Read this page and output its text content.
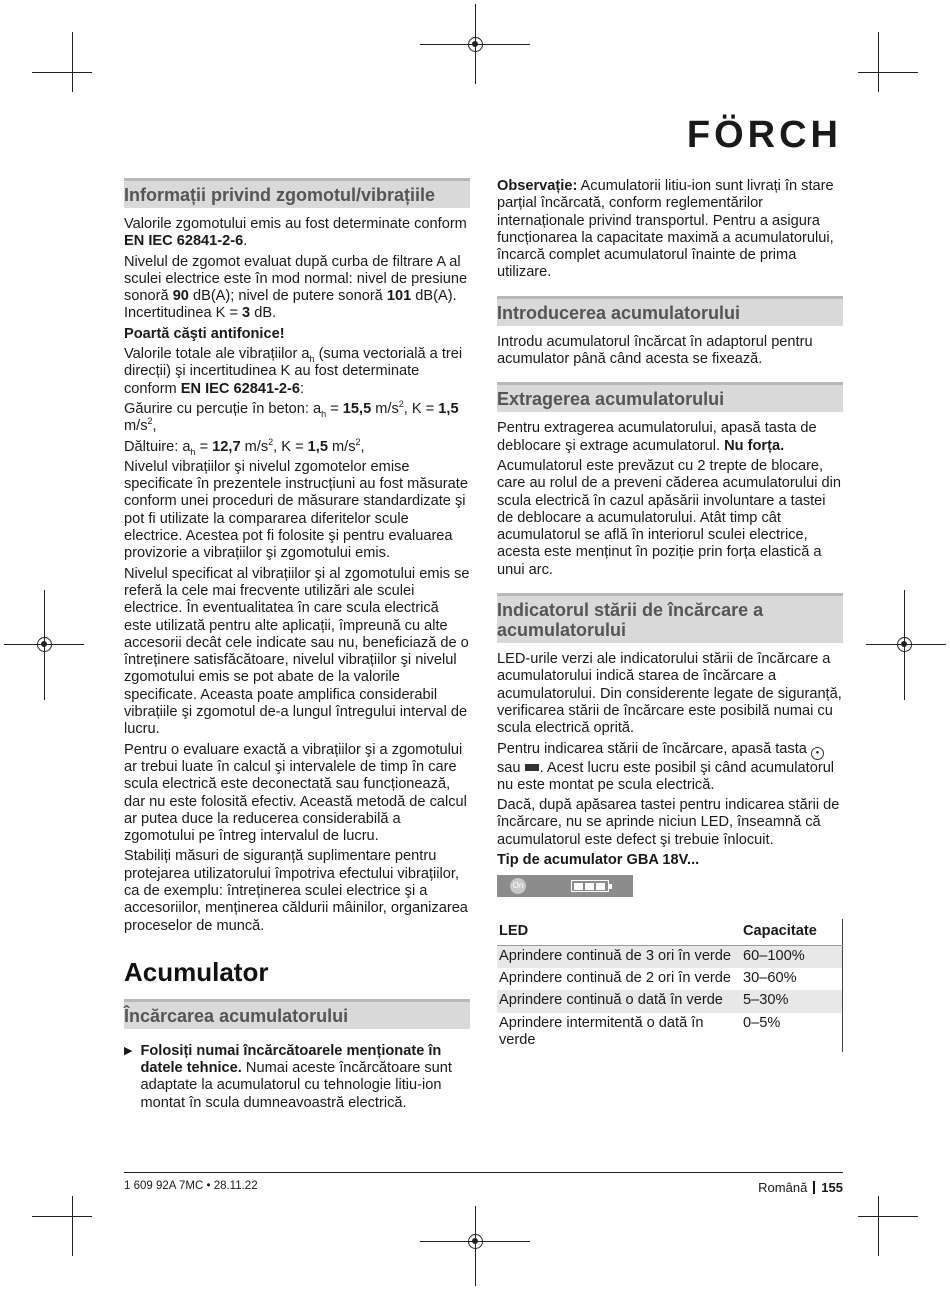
FÖRCH
Informații privind zgomotul/vibrațiile

Valorile zgomotului emis au fost determinate conform EN IEC 62841-2-6.

Nivelul de zgomot evaluat după curba de filtrare A al sculei electrice este în mod normal: nivel de presiune sonoră 90 dB(A); nivel de putere sonoră 101 dB(A). Incertitudinea K = 3 dB.

Poartă căşti antifonice!

Valorile totale ale vibrațiilor $a_h$ (suma vectorială a trei direcții) şi incertitudinea K au fost determinate conform EN IEC 62841-2-6:

Găurire cu percuție în beton: $a_h = 15,5$ $m/s^2$, K = 1,5 $m/s^2$,

Dăltuire: $a_h = 12,7$ $m/s^2$, K = 1,5 $m/s^2$,

Nivelul vibrațiilor şi nivelul zgomotelor emise specificate în prezentele instrucțiuni au fost măsurate conform unei proceduri de măsurare standardizate şi pot fi utilizate la compararea diferitelor scule electrice. Acestea pot fi folosite şi pentru evaluarea provizorie a vibrațiilor şi zgomotului emis.

Nivelul specificat al vibrațiilor şi al zgomotului emis se referă la cele mai frecvente utilizări ale sculei electrice. În eventualitatea în care scula electrică este utilizată pentru alte aplicații, împreună cu alte accesorii decât cele indicate sau nu, beneficiază de o întreținere satisfăcătoare, nivelul vibrațiilor şi nivelul zgomotului emis se pot abate de la valorile specificate. Aceasta poate amplifica considerabil vibrațiile şi zgomotul de-a lungul întregului interval de lucru.

Pentru o evaluare exactă a vibrațiilor şi a zgomotului ar trebui luate în calcul şi intervalele de timp în care scula electrică este deconectată sau funcționează, dar nu este folosită efectiv. Această metodă de calcul ar putea duce la reducerea considerabilă a zgomotului pe întreg intervalul de lucru.

Stabiliți măsuri de siguranță suplimentare pentru protejarea utilizatorului împotriva efectului vibrațiilor, ca de exemplu: întreținerea sculei electrice şi a accesoriilor, menținerea căldurii mâinilor, organizarea proceselor de muncă.

Acumulator
Încărcarea acumulatorului
▶ Folosiți numai încărcătoarele menționate în datele tehnice. Numai aceste încărcătoare sunt adaptate la acumulatorul cu tehnologie litiu-ion montat în scula dumneavoastră electrică.

Observație: Acumulatorii litiu-ion sunt livrați în stare parțial încărcată, conform reglementărilor internaționale privind transportul. Pentru a asigura funcționarea la capacitate maximă a acumulatorului, încarcă complet acumulatorul înainte de prima utilizare.

Introducerea acumulatorului

Introdu acumulatorul încărcat în adaptorul pentru acumulator până când acesta se fixează.

Extragerea acumulatorului

Pentru extragerea acumulatorului, apasă tasta de deblocare şi extrage acumulatorul. Nu forța.

Acumulatorul este prevăzut cu 2 trepte de blocare, care au rolul de a preveni căderea acumulatorului din scula electrică în cazul apăsării involuntare a tastei de deblocare a acumulatorului. Atât timp cât acumulatorul se află în interiorul sculei electrice, acesta este menținut în poziție prin forța elastică a unui arc.

Indicatorul stării de încărcare a acumulatorului

LED-urile verzi ale indicatorului stării de încărcare a acumulatorului indică starea de încărcare a acumulatorului. Din considerente legate de siguranță, verificarea stării de încărcare este posibilă numai cu scula electrică oprită.

Pentru indicarea stării de încărcare, apasă tasta ● sau . Acest lucru este posibil şi când acumulatorul nu este montat pe scula electrică.

Dacă, după apăsarea tastei pentru indicarea stării de încărcare, nu se aprinde niciun LED, înseamnă că acumulatorul este defect şi trebuie înlocuit.

Tip de acumulator GBA 18V...

On
LED	Capacitate
Aprindere continuă de 3 ori în verde	60–100%
Aprindere continuă de 2 ori în verde	30–60%
Aprindere continuă o dată în verde	5–30%
Aprindere intermitentă o dată în verde	0–5%
1 609 92A 7MC • 28.11.22	Română 155
